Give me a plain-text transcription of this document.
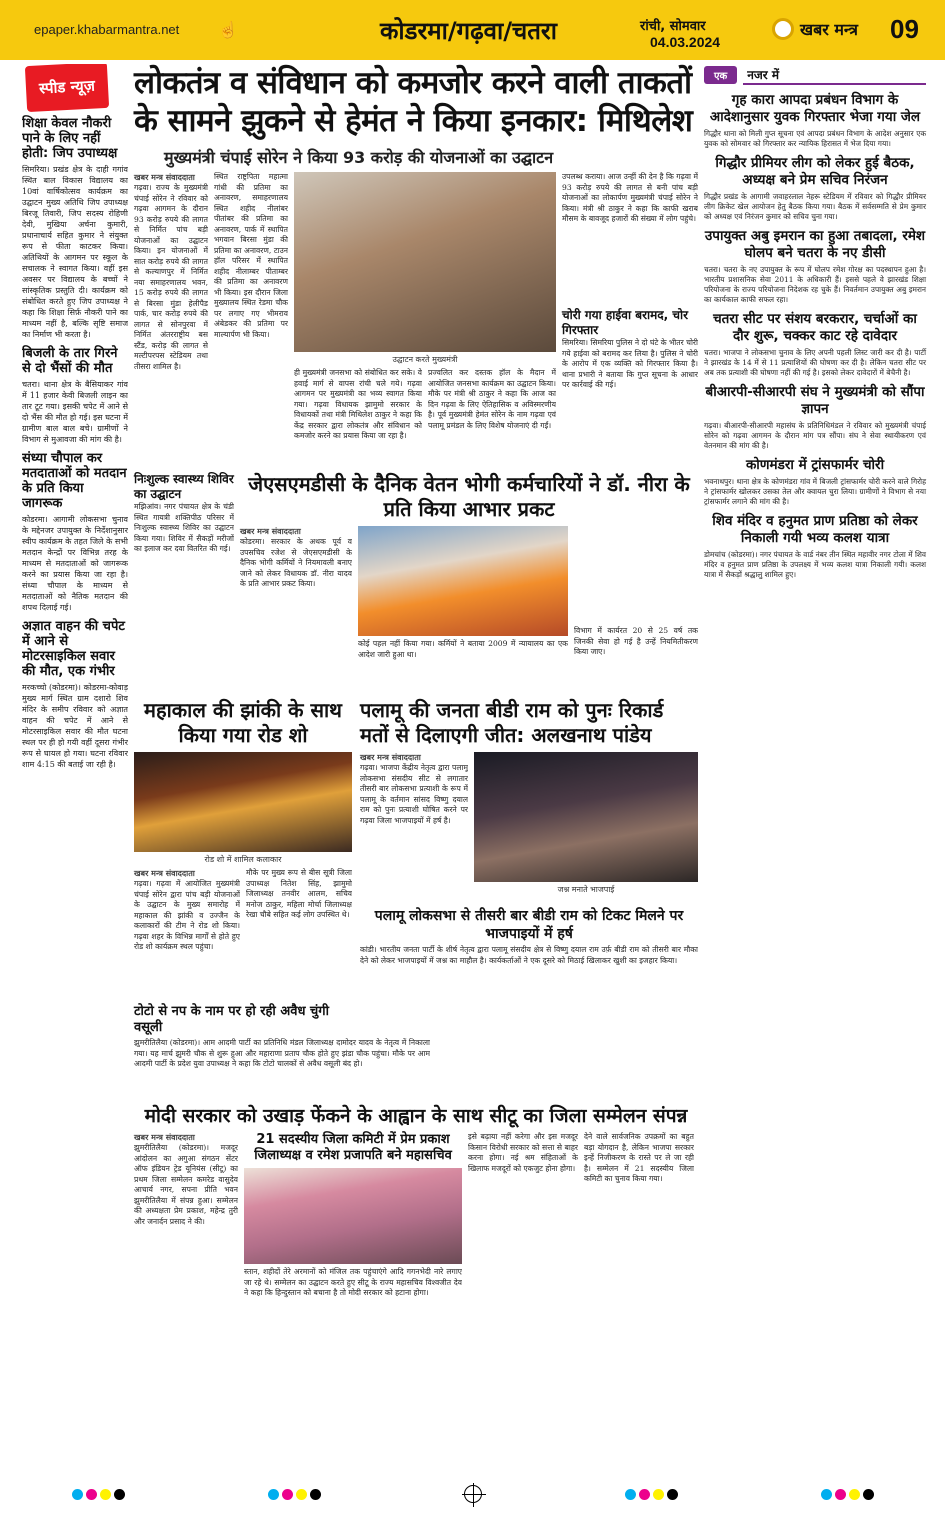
epaper.khabarmantra.net ☝	कोडरमा/गढ़वा/चतरा	रांची, सोमवार
04.03.2024
खबर मन्त्र 09
स्पीड न्यूज़
शिक्षा केवल नौकरी पाने के लिए नहीं होती: जिप उपाध्यक्ष

सिमरिया। प्रखंड क्षेत्र के दाही गगांव स्थित बाल विकास विद्यालय का 10वां वार्षिकोत्सव कार्यक्रम का उद्घाटन मुख्य अतिथि जिप उपाध्यक्ष बिरजू तिवारी, जिप सदस्य रोहिणी देवी, मुखिया अर्चना कुमारी, प्रधानाचार्य सहित कुमार ने संयुक्त रूप से फीता काटकर किया। अतिथियों के आगमन पर स्कूल के सचालक ने स्वागत किया। वहीं इस अवसर पर विद्यालय के बच्चों ने सांस्कृतिक प्रस्तुति दी। कार्यक्रम को संबोधित करते हुए जिप उपाध्यक्ष ने कहा कि शिक्षा सिर्फ़ नौकरी पाने का माध्यम नहीं है, बल्कि सृष्टि समाज का निर्माण भी करता है।

बिजली के तार गिरने से दो भैंसों की मौत

चतरा। थाना क्षेत्र के बैसियाकर गांव में 11 हजार केवी बिजली लाइन का तार टूट गया। इसकी चपेट में आने से दो भैंस की मौत हो गई। इस घटना में ग्रामीण बाल बाल बचे। ग्रामीणों ने विभाग से मुआवजा की मांग की है।

संध्या चौपाल कर मतदाताओं को मतदान के प्रति किया जागरूक

कोडरमा। आगामी लोकसभा चुनाव के मद्देनजर उपायुक्त के निर्देशानुसार स्वीप कार्यक्रम के तहत जिले के सभी मतदान केन्द्रों पर विभिन्न तरह के माध्यम से मतदाताओं को जागरूक करने का प्रयास किया जा रहा है। संध्या चौपाल के माध्यम से मतदाताओं को नैतिक मतदान की शपथ दिलाई गई।

अज्ञात वाहन की चपेट में आने से मोटरसाइकिल सवार की मौत, एक गंभीर

मरकच्चो (कोडरमा)। कोडरमा-कोवाड़ मुख्य मार्ग स्थित ग्राम दशारो शिव मंदिर के समीप रविवार को अज्ञात वाहन की चपेट में आने से मोटरसाइकिल सवार की मौत घटना स्थल पर ही हो गयी वहीं दूसरा गंभीर रूप से घायल हो गया। घटना रविवार शाम 4:15 की बताई जा रही है।

लोकतंत्र व संविधान को कमजोर करने वाली ताकतों के सामने झुकने से हेमंत ने किया इनकार: मिथिलेश
मुख्यमंत्री चंपाई सोरेन ने किया 93 करोड़ की योजनाओं का उद्घाटन
खबर मन्त्र संवाददाता
गढ़वा। राज्य के मुख्यमंत्री चंपाई सोरेन ने रविवार को गढ़वा आगमन के दौरान 93 करोड़ रुपये की लागत से निर्मित पांच बड़ी योजनाओं का उद्घाटन किया। इन योजनाओं में सात करोड़ रुपये की लागत से कल्याणपुर में निर्मित नया समाहरणालय भवन, 15 करोड़ रुपये की लागत से बिरसा मुंडा हेलीपैड पार्क, चार करोड़ रुपये की लागत से सोनपुरवा में निर्मित अंतरराष्ट्रीय बस स्टैंड, करोड़ की लागत से मल्टीपरपस स्टेडियम तथा तीसरा शामिल है।
स्थित राष्ट्रपिता महात्मा गांधी की प्रतिमा का अनावरण, समाहरणालय स्थित शहीद नीलांबर पीतांबर की प्रतिमा का अनावरण, पार्क में स्थापित भगवान बिरसा मुंडा की प्रतिमा का अनावरण, टाउन हॉल परिसर में स्थापित शहीद नीलाम्बर पीताम्बर की प्रतिमा का अनावरण भी किया। इस दौरान जिला मुख्यालय स्थित रेडमा चौक पर लगाए गए भीमराव अंबेडकर की प्रतिमा पर माल्यार्पण भी किया।
उद्घाटन करते मुख्यमंत्री
ही मुख्यमंत्री जनसभा को संबोधित कर सके। वे हवाई मार्ग से वापस रांची चले गये। गढ़वा आगमन पर मुख्यमंत्री का भव्य स्वागत किया गया। गढ़वा विधायक झामुमो सरकार के विधायकों तथा मंत्री मिथिलेश ठाकुर ने कहा कि केंद्र सरकार द्वारा लोकतंत्र और संविधान को कमजोर करने का प्रयास किया जा रहा है।
प्रज्वलित कर दस्तक हॉल के मैदान में आयोजित जनसभा कार्यक्रम का उद्घाटन किया। मौके पर मंत्री श्री ठाकुर ने कहा कि आज का दिन गढ़वा के लिए ऐतिहासिक व अविस्मरणीय है। पूर्व मुख्यमंत्री हेमंत सोरेन के नाम गढ़वा एवं पलामू प्रमंडल के लिए विशेष योजनाएं दी गईं।
उपलब्ध कराया। आज उन्हीं की देन है कि गढ़वा में 93 करोड़ रुपये की लागत से बनी पांच बड़ी योजनाओं का लोकार्पण मुख्यमंत्री चंपाई सोरेन ने किया। मंत्री श्री ठाकुर ने कहा कि काफी खराब मौसम के बावजूद हजारों की संख्या में लोग पहुंचे।
चोरी गया हाईवा बरामद, चोर गिरफ्तार
सिमरिया। सिमरिया पुलिस ने दो घंटे के भीतर चोरी गये हाईवा को बरामद कर लिया है। पुलिस ने चोरी के आरोप में एक व्यक्ति को गिरफ्तार किया है। थाना प्रभारी ने बताया कि गुप्त सूचना के आधार पर कार्रवाई की गई।
निःशुल्क स्वास्थ्य शिविर का उद्घाटन
मझिआंव। नगर पंचायत क्षेत्र के चंडी स्थित गायत्री शक्तिपीठ परिसर में निःशुल्क स्वास्थ्य शिविर का उद्घाटन किया गया। शिविर में सैकड़ों मरीजों का इलाज कर दवा वितरित की गई।
जेएसएमडीसी के दैनिक वेतन भोगी कर्मचारियों ने डॉ. नीरा के प्रति किया आभार प्रकट
खबर मन्त्र संवाददाता
कोडरमा। सरकार के अथक पूर्व व उपसचिव रजेश से जेएसएमडीसी के दैनिक भोगी कर्मियों ने नियमावली बनाए जाने को लेकर विधायक डॉ. नीरा यादव के प्रति आभार प्रकट किया।
कोई पहल नहीं किया गया। कर्मियों ने बताया 2009 में न्यायालय का एक आदेश जारी हुआ था।
विभाग में कार्यरत 20 से 25 वर्ष तक जिनकी सेवा हो गई है उन्हें नियमितीकरण किया जाए।
महाकाल की झांकी के साथ किया गया रोड शो
रोड शो में शामिल कलाकार
खबर मन्त्र संवाददाता
गढ़वा। गढ़वा में आयोजित मुख्यमंत्री चंपाई सोरेन द्वारा पांच बड़ी योजनाओं के उद्घाटन के मुख्य समारोह में महाकाल की झांकी व उज्जैन के कलाकारों की टीम ने रोड शो किया। गढ़वा शहर के विभिन्न मार्गों से होते हुए रोड शो कार्यक्रम स्थल पहुंचा।
मौके पर मुख्य रूप से बीस सूत्री जिला उपाध्यक्ष नितेश सिंह, झामुमो जिलाध्यक्ष तनवीर आलम, सचिव मनोज ठाकुर, महिला मोर्चा जिलाध्यक्ष रेखा चौबे सहित कई लोग उपस्थित थे।
टोटो से नप के नाम पर हो रही अवैध चुंगी वसूली
पलामू की जनता बीडी राम को पुनः रिकार्ड मतों से दिलाएगी जीत: अलखनाथ पांडेय
खबर मन्त्र संवाददाता
गढ़वा। भाजपा केंद्रीय नेतृत्व द्वारा पलामू लोकसभा संसदीय सीट से लगातार तीसरी बार लोकसभा प्रत्याशी के रूप में पलामू के वर्तमान सांसद विष्णु दयाल राम को पुनः प्रत्याशी घोषित करने पर गढ़वा जिला भाजपाइयों में हर्ष है।
जश्न मनाते भाजपाई
पलामू लोकसभा से तीसरी बार बीडी राम को टिकट मिलने पर भाजपाइयों में हर्ष
कांडी। भारतीय जनता पार्टी के शीर्ष नेतृत्व द्वारा पलामू संसदीय क्षेत्र से विष्णु दयाल राम उर्फ़ बीडी राम को तीसरी बार मौका देने को लेकर भाजपाइयों में जश्न का माहौल है। कार्यकर्ताओं ने एक दूसरे को मिठाई खिलाकर खुशी का इजहार किया।
झुमरीतिलैया (कोडरमा)। आम आदमी पार्टी का प्रतिनिधि मंडल जिलाध्यक्ष दामोदर यादव के नेतृत्व में निकाला गया। यह मार्च झुमरी चौक से शुरू हुआ और महाराणा प्रताप चौक होते हुए झंडा चौक पहुंचा। मौके पर आम आदमी पार्टी के प्रदेश युवा उपाध्यक्ष ने कहा कि टोटो चालकों से अवैध वसूली बंद हो।
मोदी सरकार को उखाड़ फेंकने के आह्वान के साथ सीटू का जिला सम्मेलन संपन्न
खबर मन्त्र संवाददाता
झुमरीतिलैया (कोडरमा)। मजदूर आंदोलन का अगुआ संगठन सेंटर ऑफ इंडियन ट्रेड यूनियंस (सीटू) का प्रथम जिला सम्मेलन कमरेड वासुदेव आचार्य नगर, सपना प्रीति भवन झुमरीतिलैया में संपन्न हुआ। सम्मेलन की अध्यक्षता प्रेम प्रकाश, महेन्द्र तुरी और जनार्दन प्रसाद ने की।
21 सदस्यीय जिला कमिटी में प्रेम प्रकाश जिलाध्यक्ष व रमेश प्रजापति बने महासचिव
स्तान, शहीदों तेरे अरमानों को मंजिल तक पहुंचाएंगे आदि गगनभेदी नारे लगाए जा रहे थे। सम्मेलन का उद्घाटन करते हुए सीटू के राज्य महासचिव विश्वजीत देव ने कहा कि हिन्दुस्तान को बचाना है तो मोदी सरकार को हटाना होगा।
इसे बढ़ाया नहीं करेगा और इस मजदूर किसान विरोधी सरकार को सत्ता से बाहर करना होगा। नई श्रम संहिताओं के खिलाफ मजदूरों को एकजुट होना होगा।
देने वाले सार्वजनिक उपक्रमों का बहुत बड़ा योगदान है, लेकिन भाजपा सरकार इन्हें निजीकरण के रास्ते पर ले जा रही है। सम्मेलन में 21 सदस्यीय जिला कमिटी का चुनाव किया गया।
एक	नजर में
गृह कारा आपदा प्रबंधन विभाग के आदेशानुसार युवक गिरफ्तार भेजा गया जेल

गिद्धौर थाना को मिली गुप्त सूचना एवं आपदा प्रबंधन विभाग के आदेश अनुसार एक युवक को सोमवार को गिरफ्तार कर न्यायिक हिरासत में भेज दिया गया।

गिद्धौर प्रीमियर लीग को लेकर हुई बैठक, अध्यक्ष बने प्रेम सचिव निरंजन

गिद्धौर प्रखंड के आगामी जवाहरलाल नेहरू स्टेडियम में रविवार को गिद्धौर प्रीमियर लीग क्रिकेट खेल आयोजन हेतु बैठक किया गया। बैठक में सर्वसम्मति से प्रेम कुमार को अध्यक्ष एवं निरंजन कुमार को सचिव चुना गया।

उपायुक्त अबु इमरान का हुआ तबादला, रमेश घोलप बने चतरा के नए डीसी

चतरा। चतरा के नए उपायुक्त के रूप में घोलप रमेश गोरक्ष का पदस्थापन हुआ है। भारतीय प्रशासनिक सेवा 2011 के अधिकारी हैं। इससे पहले वे झारखंड शिक्षा परियोजना के राज्य परियोजना निदेशक रह चुके हैं। निवर्तमान उपायुक्त अबु इमरान का कार्यकाल काफी सफल रहा।

चतरा सीट पर संशय बरकरार, चर्चाओं का दौर शुरू, चक्कर काट रहे दावेदार

चतरा। भाजपा ने लोकसभा चुनाव के लिए अपनी पहली लिस्ट जारी कर दी है। पार्टी ने झारखंड के 14 में से 11 प्रत्याशियों की घोषणा कर दी है। लेकिन चतरा सीट पर अब तक प्रत्याशी की घोषणा नहीं की गई है। इसको लेकर दावेदारों में बेचैनी है।

बीआरपी-सीआरपी संघ ने मुख्यमंत्री को सौंपा ज्ञापन

गढ़वा। बीआरपी-सीआरपी महासंघ के प्रतिनिधिमंडल ने रविवार को मुख्यमंत्री चंपाई सोरेन को गढ़वा आगमन के दौरान मांग पत्र सौंपा। संघ ने सेवा स्थायीकरण एवं वेतनमान की मांग की है।

कोणमंडरा में ट्रांसफार्मर चोरी

भवनाथपुर। थाना क्षेत्र के कोणमंडरा गांव में बिजली ट्रांसफार्मर चोरी करने वाले गिरोह ने ट्रांसफार्मर खोलकर उसका तेल और क्वायल चुरा लिया। ग्रामीणों ने विभाग से नया ट्रांसफार्मर लगाने की मांग की है।

शिव मंदिर व हनुमत प्राण प्रतिष्ठा को लेकर निकाली गयी भव्य कलश यात्रा

डोमचांच (कोडरमा)। नगर पंचायत के वार्ड नंबर तीन स्थित महावीर नगर टोला में शिव मंदिर व हनुमत प्राण प्रतिष्ठा के उपलक्ष्य में भव्य कलश यात्रा निकाली गयी। कलश यात्रा में सैकड़ों श्रद्धालु शामिल हुए।
